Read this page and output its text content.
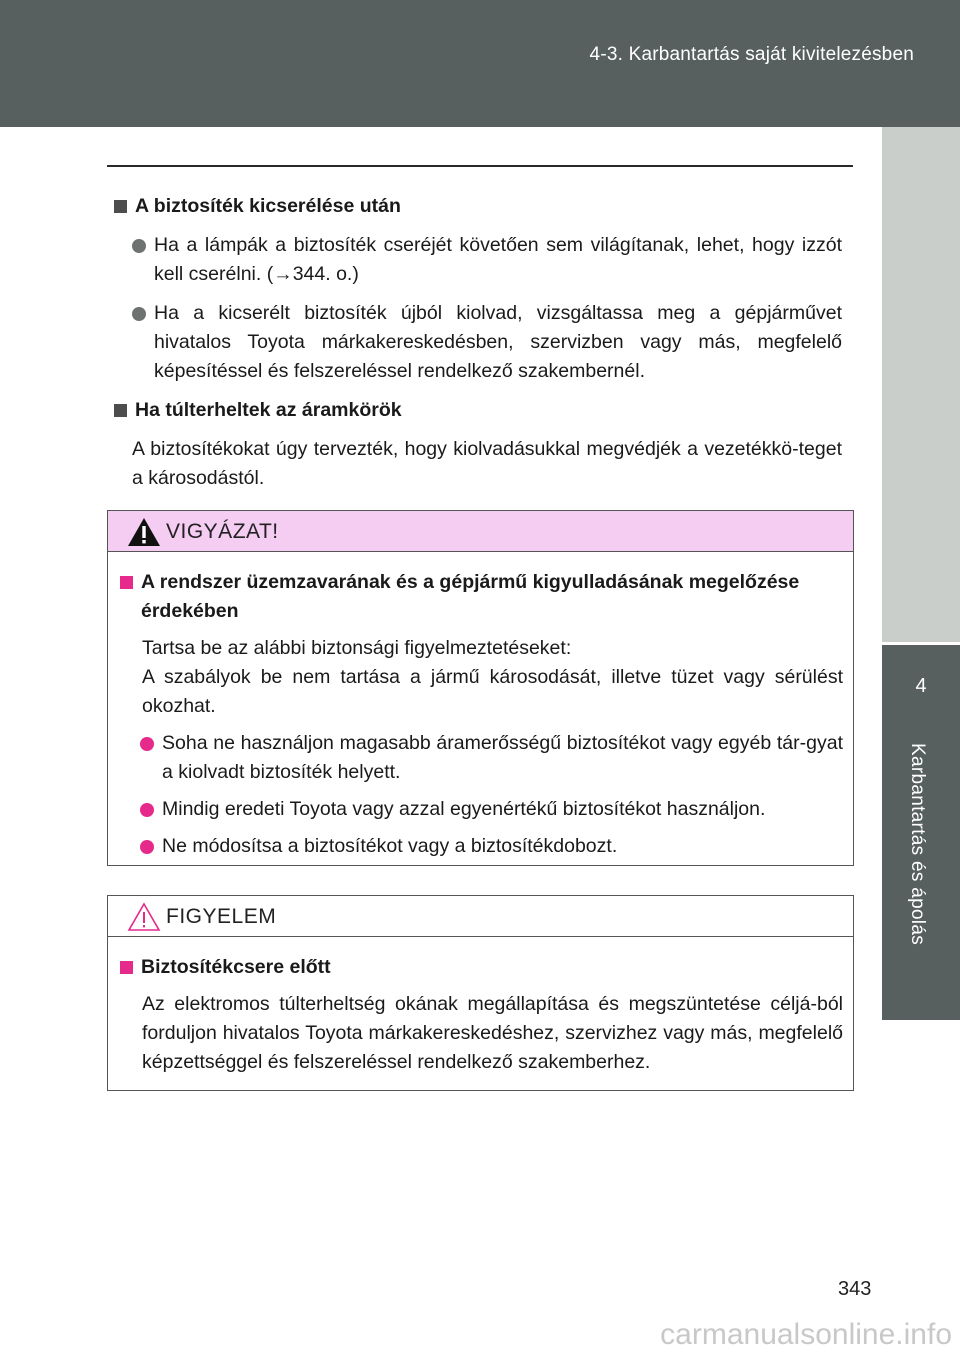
4-3. Karbantartás saját kivitelezésben
4
Karbantartás és ápolás
A biztosíték kicserélése után
Ha a lámpák a biztosíték cseréjét követően sem világítanak, lehet, hogy izzót kell cserélni. (→344. o.)
Ha a kicserélt biztosíték újból kiolvad, vizsgáltassa meg a gépjárművet hivatalos Toyota márkakereskedésben, szervizben vagy más, megfelelő képesítéssel és felszereléssel rendelkező szakembernél.
Ha túlterheltek az áramkörök
A biztosítékokat úgy tervezték, hogy kiolvadásukkal megvédjék a vezetékkö-teget a károsodástól.
VIGYÁZAT!
A rendszer üzemzavarának és a gépjármű kigyulladásának megelőzése érdekében
Tartsa be az alábbi biztonsági figyelmeztetéseket:
A szabályok be nem tartása a jármű károsodását, illetve tüzet vagy sérülést okozhat.
Soha ne használjon magasabb áramerősségű biztosítékot vagy egyéb tár-gyat a kiolvadt biztosíték helyett.
Mindig eredeti Toyota vagy azzal egyenértékű biztosítékot használjon.
Ne módosítsa a biztosítékot vagy a biztosítékdobozt.
FIGYELEM
Biztosítékcsere előtt
Az elektromos túlterheltség okának megállapítása és megszüntetése céljá-ból forduljon hivatalos Toyota márkakereskedéshez, szervizhez vagy más, megfelelő képzettséggel és felszereléssel rendelkező szakemberhez.
343
carmanualsonline.info
